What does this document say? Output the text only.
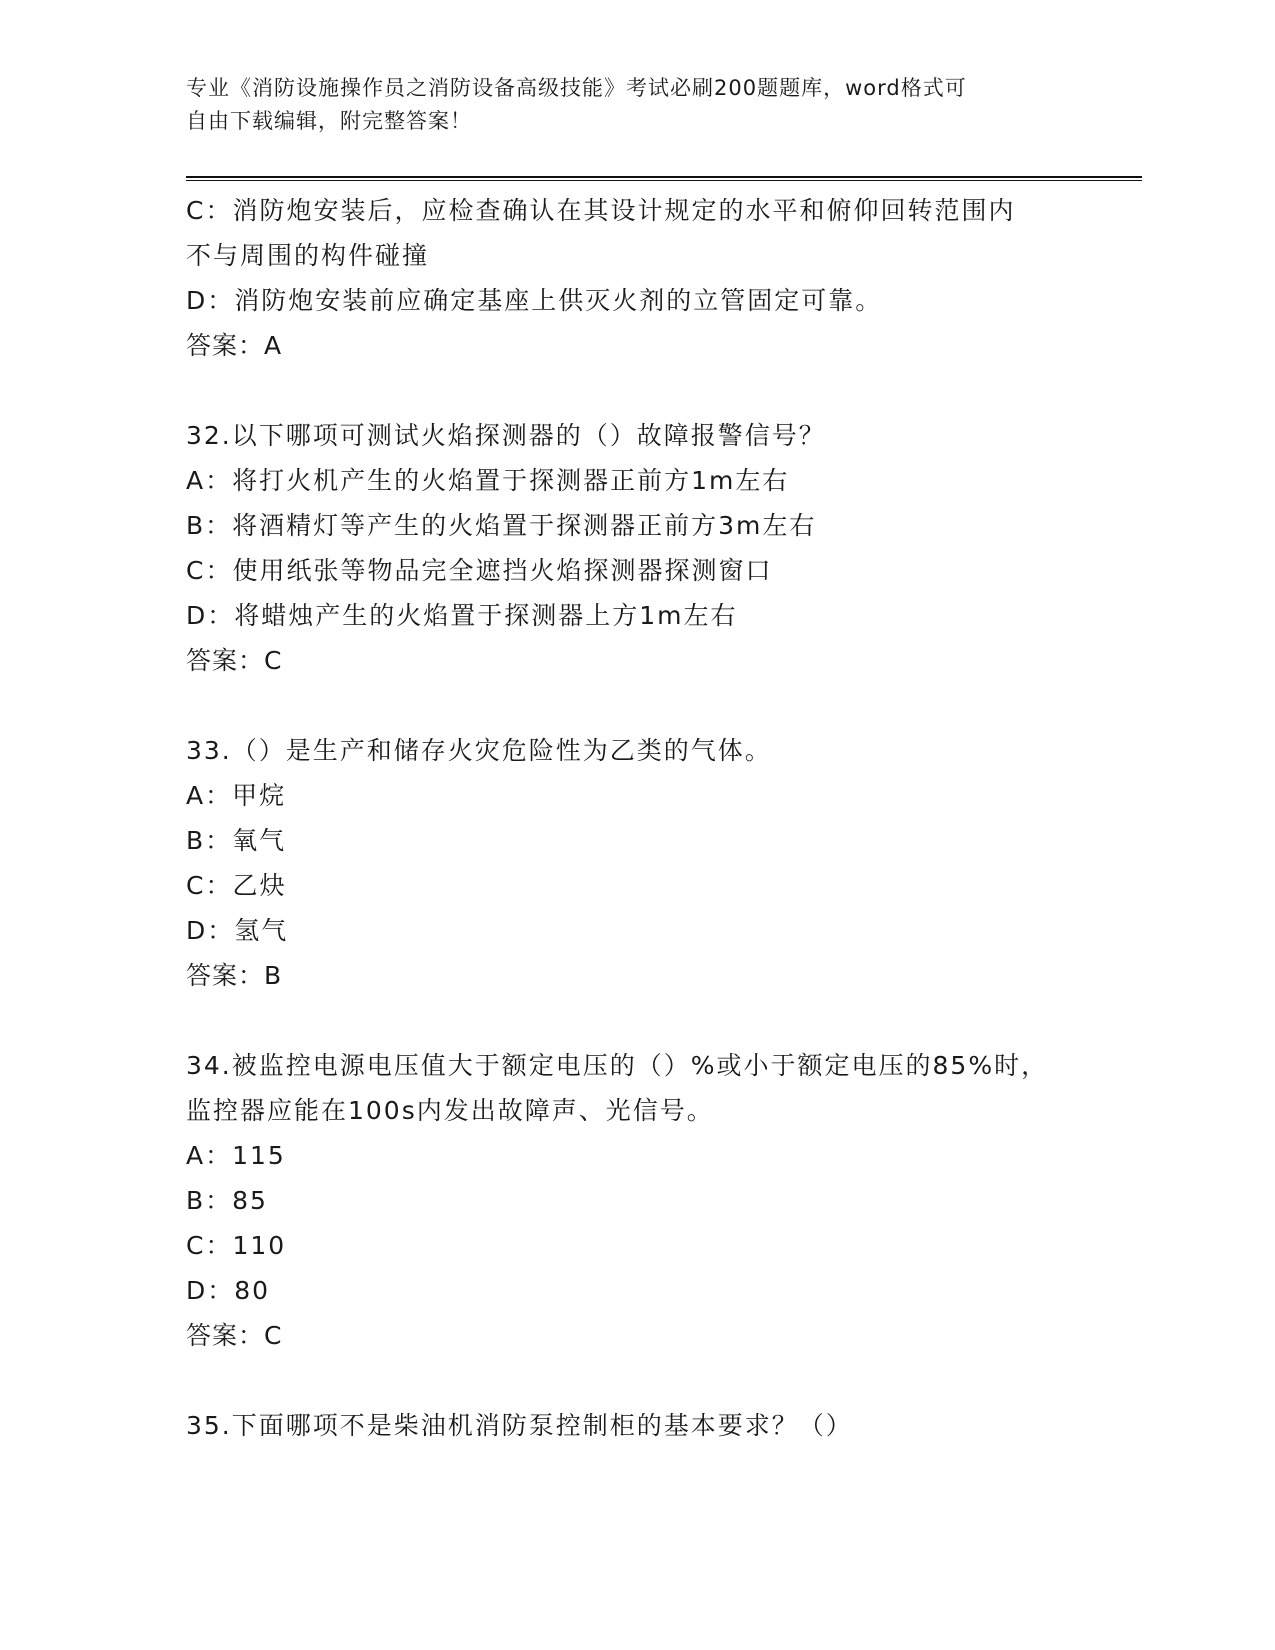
专业《消防设施操作员之消防设备高级技能》考试必刷200题题库，word格式可
自由下载编辑，附完整答案！
C：消防炮安装后，应检查确认在其设计规定的水平和俯仰回转范围内
不与周围的构件碰撞
D：消防炮安装前应确定基座上供灭火剂的立管固定可靠。
答案：A
32.以下哪项可测试火焰探测器的（）故障报警信号？
A：将打火机产生的火焰置于探测器正前方1m左右
B：将酒精灯等产生的火焰置于探测器正前方3m左右
C：使用纸张等物品完全遮挡火焰探测器探测窗口
D：将蜡烛产生的火焰置于探测器上方1m左右
答案：C
33.（）是生产和储存火灾危险性为乙类的气体。
A：甲烷
B：氧气
C：乙炔
D：氢气
答案：B
34.被监控电源电压值大于额定电压的（）%或小于额定电压的85%时，
监控器应能在100s内发出故障声、光信号。
A：115
B：85
C：110
D：80
答案：C
35.下面哪项不是柴油机消防泵控制柜的基本要求？（）
